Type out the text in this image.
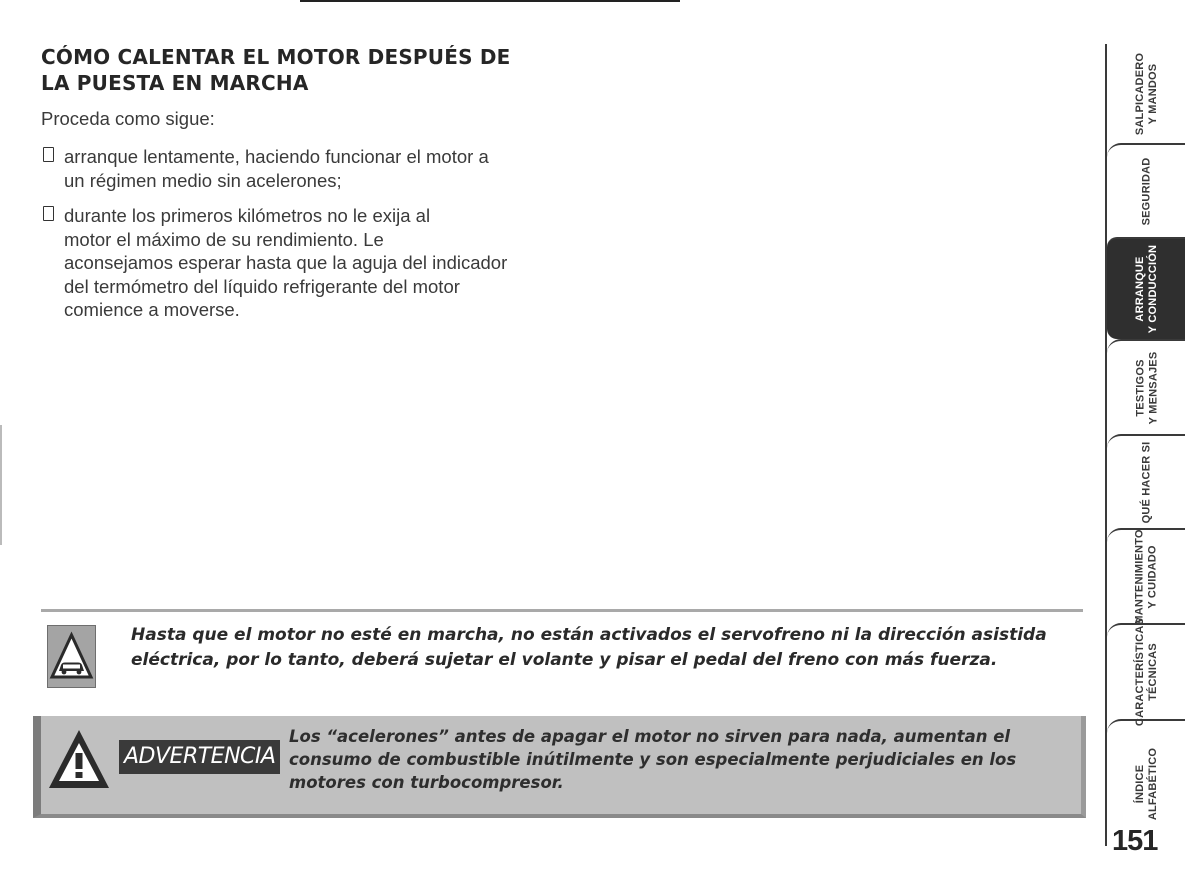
CÓMO CALENTAR EL MOTOR DESPUÉS DE
LA PUESTA EN MARCHA

Proceda como sigue:

arranque lentamente, haciendo funcionar el motor a
un régimen medio sin acelerones;
durante los primeros kilómetros no le exija al
motor el máximo de su rendimiento. Le
aconsejamos esperar hasta que la aguja del indicador
del termómetro del líquido refrigerante del motor
comience a moverse.
Hasta que el motor no esté en marcha, no están activados el servofreno ni la dirección asistida
eléctrica, por lo tanto, deberá sujetar el volante y pisar el pedal del freno con más fuerza.
ADVERTENCIA
Los “acelerones” antes de apagar el motor no sirven para nada, aumentan el
consumo de combustible inútilmente y son especialmente perjudiciales en los
motores con turbocompresor.
SALPICADERO Y MANDOS
SEGURIDAD
ARRANQUE Y CONDUCCIÓN
TESTIGOS Y MENSAJES
QUÉ HACER SI
MANTENIMIENTO Y CUIDADO
CARACTERÍSTICAS TÉCNICAS
ÍNDICE ALFABÉTICO
151
